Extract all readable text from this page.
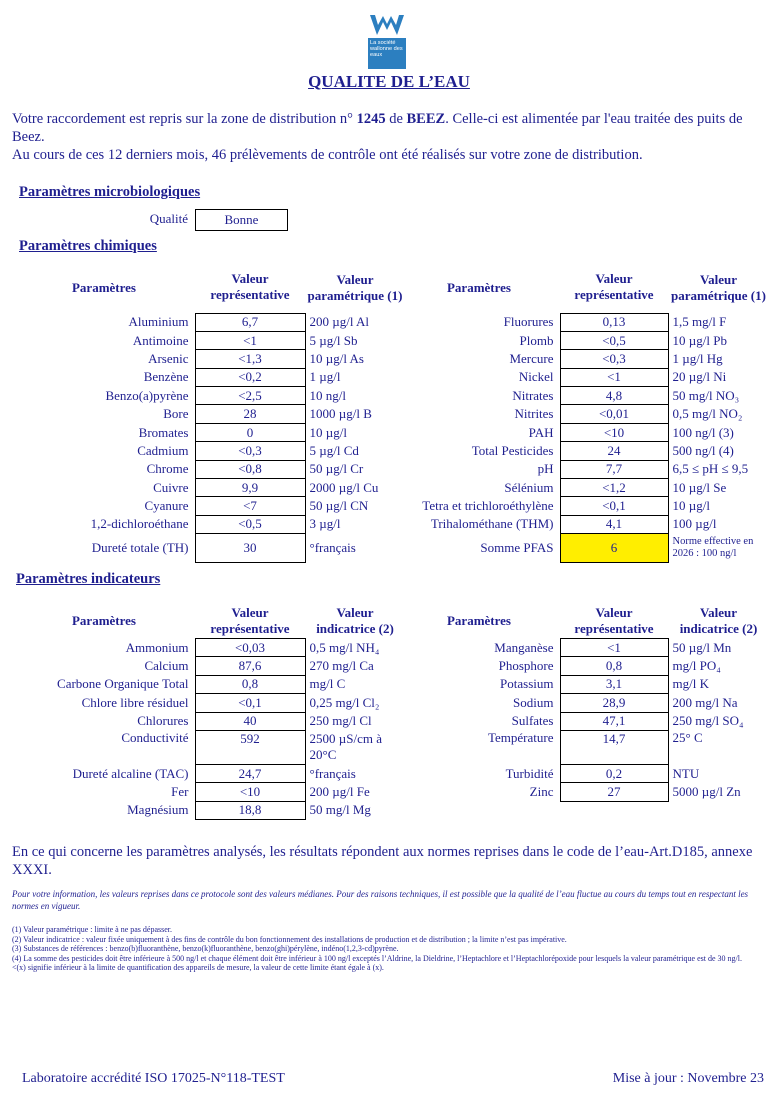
La société wallonne des eaux
QUALITE DE L’EAU
Votre raccordement est repris sur la zone de distribution n° 1245 de BEEZ. Celle-ci est alimentée par l'eau traitée des puits de Beez.
Au cours de ces 12 derniers mois, 46 prélèvements de contrôle ont été réalisés sur votre zone de distribution.
Paramètres microbiologiques
Qualité	Bonne
Paramètres chimiques
Paramètres	Valeur représentative	Valeur paramétrique (1)
Aluminium	6,7	200 µg/l Al
Antimoine	<1	5 µg/l Sb
Arsenic	<1,3	10 µg/l As
Benzène	<0,2	1 µg/l
Benzo(a)pyrène	<2,5	10 ng/l
Bore	28	1000 µg/l B
Bromates	0	10 µg/l
Cadmium	<0,3	5 µg/l Cd
Chrome	<0,8	50 µg/l Cr
Cuivre	9,9	2000 µg/l Cu
Cyanure	<7	50 µg/l CN
1,2-dichloroéthane	<0,5	3 µg/l
Dureté totale (TH)	30	°français
Paramètres	Valeur représentative	Valeur paramétrique (1)
Fluorures	0,13	1,5 mg/l F
Plomb	<0,5	10 µg/l Pb
Mercure	<0,3	1 µg/l Hg
Nickel	<1	20 µg/l Ni
Nitrates	4,8	50 mg/l NO₃
Nitrites	<0,01	0,5 mg/l NO₂
PAH	<10	100 ng/l (3)
Total Pesticides	24	500 ng/l (4)
pH	7,7	6,5 ≤ pH ≤ 9,5
Sélénium	<1,2	10 µg/l Se
Tetra et trichloroéthylène	<0,1	10 µg/l
Trihalométhane (THM)	4,1	100 µg/l
Somme PFAS	6	Norme effective en 2026 : 100 ng/l
Paramètres indicateurs
Paramètres	Valeur représentative	Valeur indicatrice (2)
Ammonium	<0,03	0,5 mg/l NH₄
Calcium	87,6	270 mg/l Ca
Carbone Organique Total	0,8	mg/l C
Chlore libre résiduel	<0,1	0,25 mg/l Cl₂
Chlorures	40	250 mg/l Cl
Conductivité	592	2500 µS/cm à 20°C
Dureté alcaline (TAC)	24,7	°français
Fer	<10	200 µg/l Fe
Magnésium	18,8	50 mg/l Mg
Paramètres	Valeur représentative	Valeur indicatrice (2)
Manganèse	<1	50 µg/l Mn
Phosphore	0,8	mg/l PO₄
Potassium	3,1	mg/l K
Sodium	28,9	200 mg/l Na
Sulfates	47,1	250 mg/l SO₄
Température	14,7	25° C
Turbidité	0,2	NTU
Zinc	27	5000 µg/l Zn
En ce qui concerne les paramètres analysés, les résultats répondent aux normes reprises dans le code de l’eau-Art.D185, annexe XXXI.
Pour votre information, les valeurs reprises dans ce protocole sont des valeurs médianes. Pour des raisons techniques, il est possible que la qualité de l’eau fluctue au cours du temps tout en respectant les normes en vigueur.
(1) Valeur paramétrique : limite à ne pas dépasser.
(2) Valeur indicatrice : valeur fixée uniquement à des fins de contrôle du bon fonctionnement des installations de production et de distribution ; la limite n’est pas impérative.
(3) Substances de références : benzo(b)fluoranthène, benzo(k)fluoranthène, benzo(ghi)pérylène, indéno(1,2,3-cd)pyrène.
(4) La somme des pesticides doit être inférieure à 500 ng/l et chaque élément doit être inférieur à 100 ng/l exceptés l’Aldrine, la Dieldrine, l’Heptachlore et l’Heptachlorépoxide pour lesquels la valeur paramétrique est de 30 ng/l.
<(x) signifie inférieur à la limite de quantification des appareils de mesure, la valeur de cette limite étant égale à (x).
Laboratoire accrédité ISO 17025-N°118-TEST	Mise à jour : Novembre 23
